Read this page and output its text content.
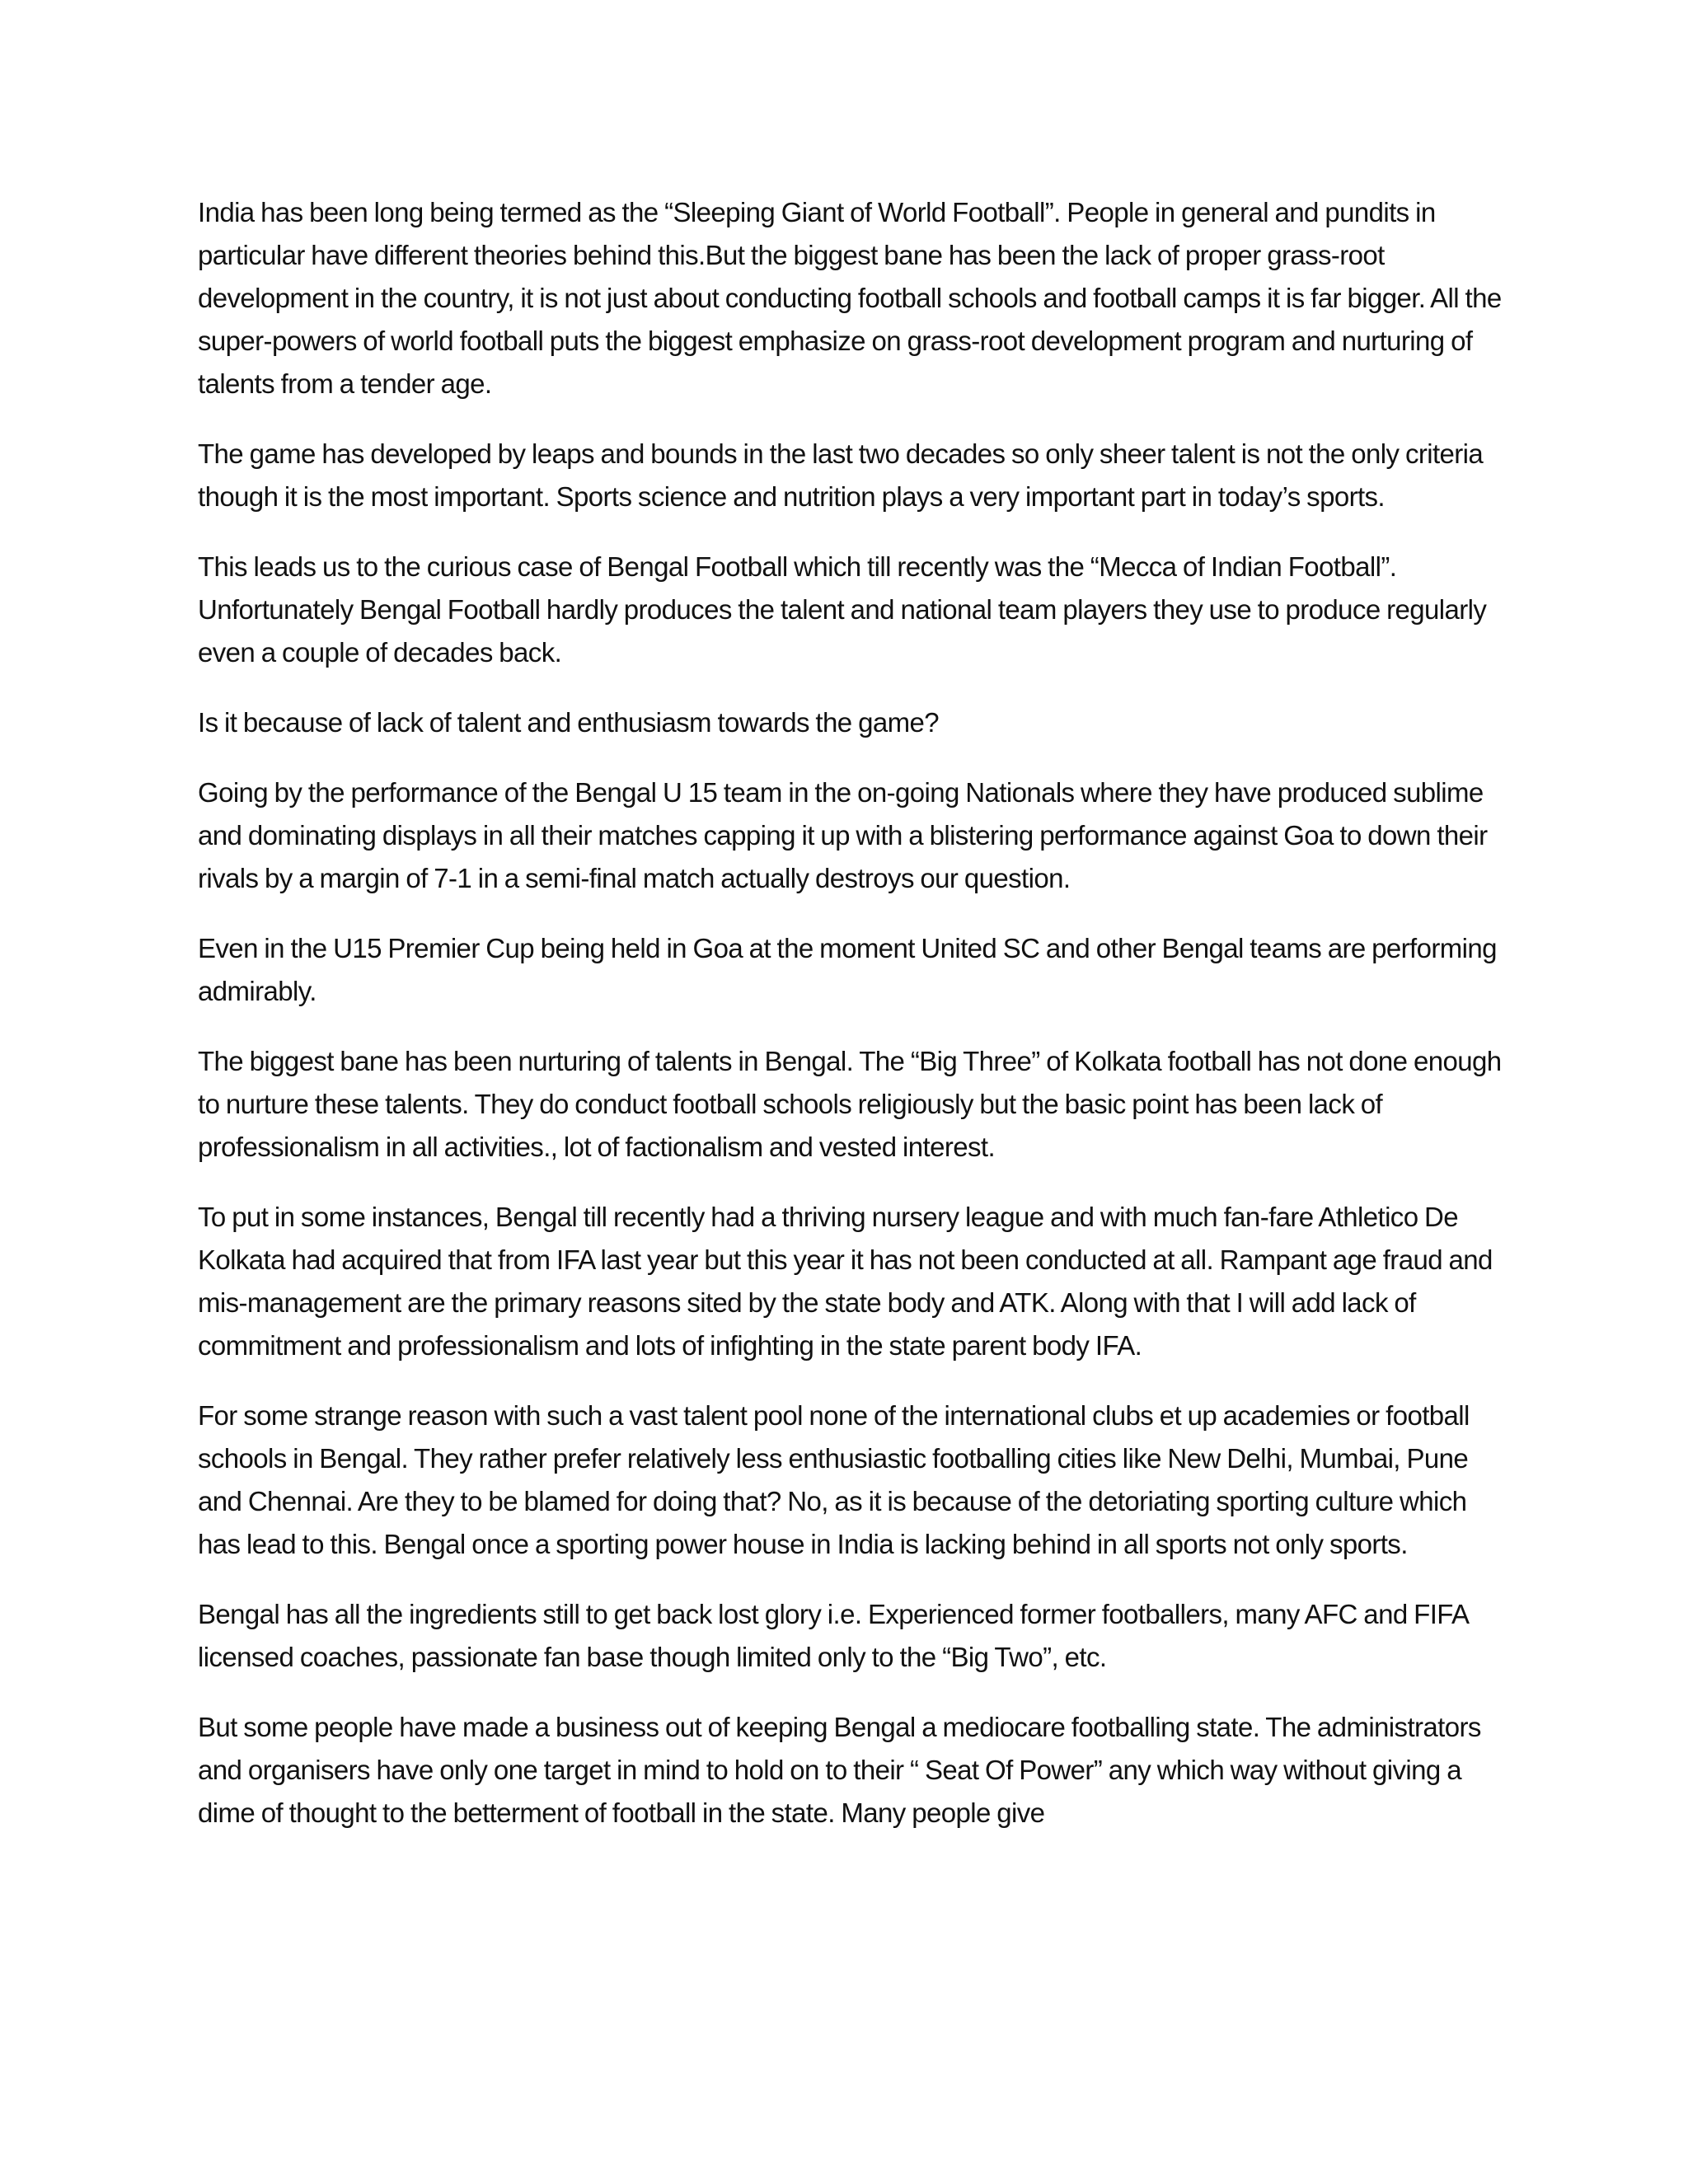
India has been long being termed as the “Sleeping Giant of World Football”. People in general and pundits in particular have different theories behind this.But the biggest bane has been the lack of proper grass-root development in the country, it is not just about conducting football schools and football camps it is far bigger. All the super-powers of world football puts the biggest emphasize on grass-root development program and nurturing of talents from a tender age.

The game has developed by leaps and bounds in the last two decades so only sheer talent is not the only criteria though it is the most important. Sports science and nutrition plays a very important part in today’s sports.

This leads us to the curious case of Bengal Football which till recently was the “Mecca of Indian Football”. Unfortunately Bengal Football hardly produces the talent and national team players they use to produce regularly even a couple of decades back.

Is it because of lack of talent and enthusiasm towards the game?

Going by the performance of the Bengal U 15 team in the on-going Nationals where they have produced sublime and dominating displays in all their matches capping it up with a blistering performance against Goa to down their rivals by a margin of 7-1 in a semi-final match actually destroys our question.

Even in the U15 Premier Cup being held in Goa at the moment United SC and other Bengal teams are performing admirably.

The biggest bane has been nurturing of talents in Bengal. The “Big Three” of Kolkata football has not done enough to nurture these talents. They do conduct football schools religiously but the basic point has been lack of professionalism in all activities., lot of factionalism and vested interest.

To put in some instances, Bengal till recently had a thriving nursery league and with much fan-fare Athletico De Kolkata had acquired that from IFA last year but this year it has not been conducted at all. Rampant age fraud and mis-management are the primary reasons sited by the state body and ATK. Along with that I will add lack of commitment and professionalism and lots of infighting in the state parent body IFA.

For some strange reason with such a vast talent pool none of the international clubs et up academies or football schools in Bengal. They rather prefer relatively less enthusiastic footballing cities like New Delhi, Mumbai, Pune and Chennai. Are they to be blamed for doing that? No, as it is because of the detoriating sporting culture which has lead to this. Bengal once a sporting power house in India is lacking behind in all sports not only sports.

Bengal has all the ingredients still to get back lost glory i.e. Experienced former footballers, many AFC and FIFA licensed coaches, passionate fan base though limited only to the “Big Two”, etc.

But some people have made a business out of keeping Bengal a mediocare footballing state. The administrators and organisers have only one target in mind to hold on to their “ Seat Of Power” any which way without giving a dime of thought to the betterment of football in the state. Many people give
